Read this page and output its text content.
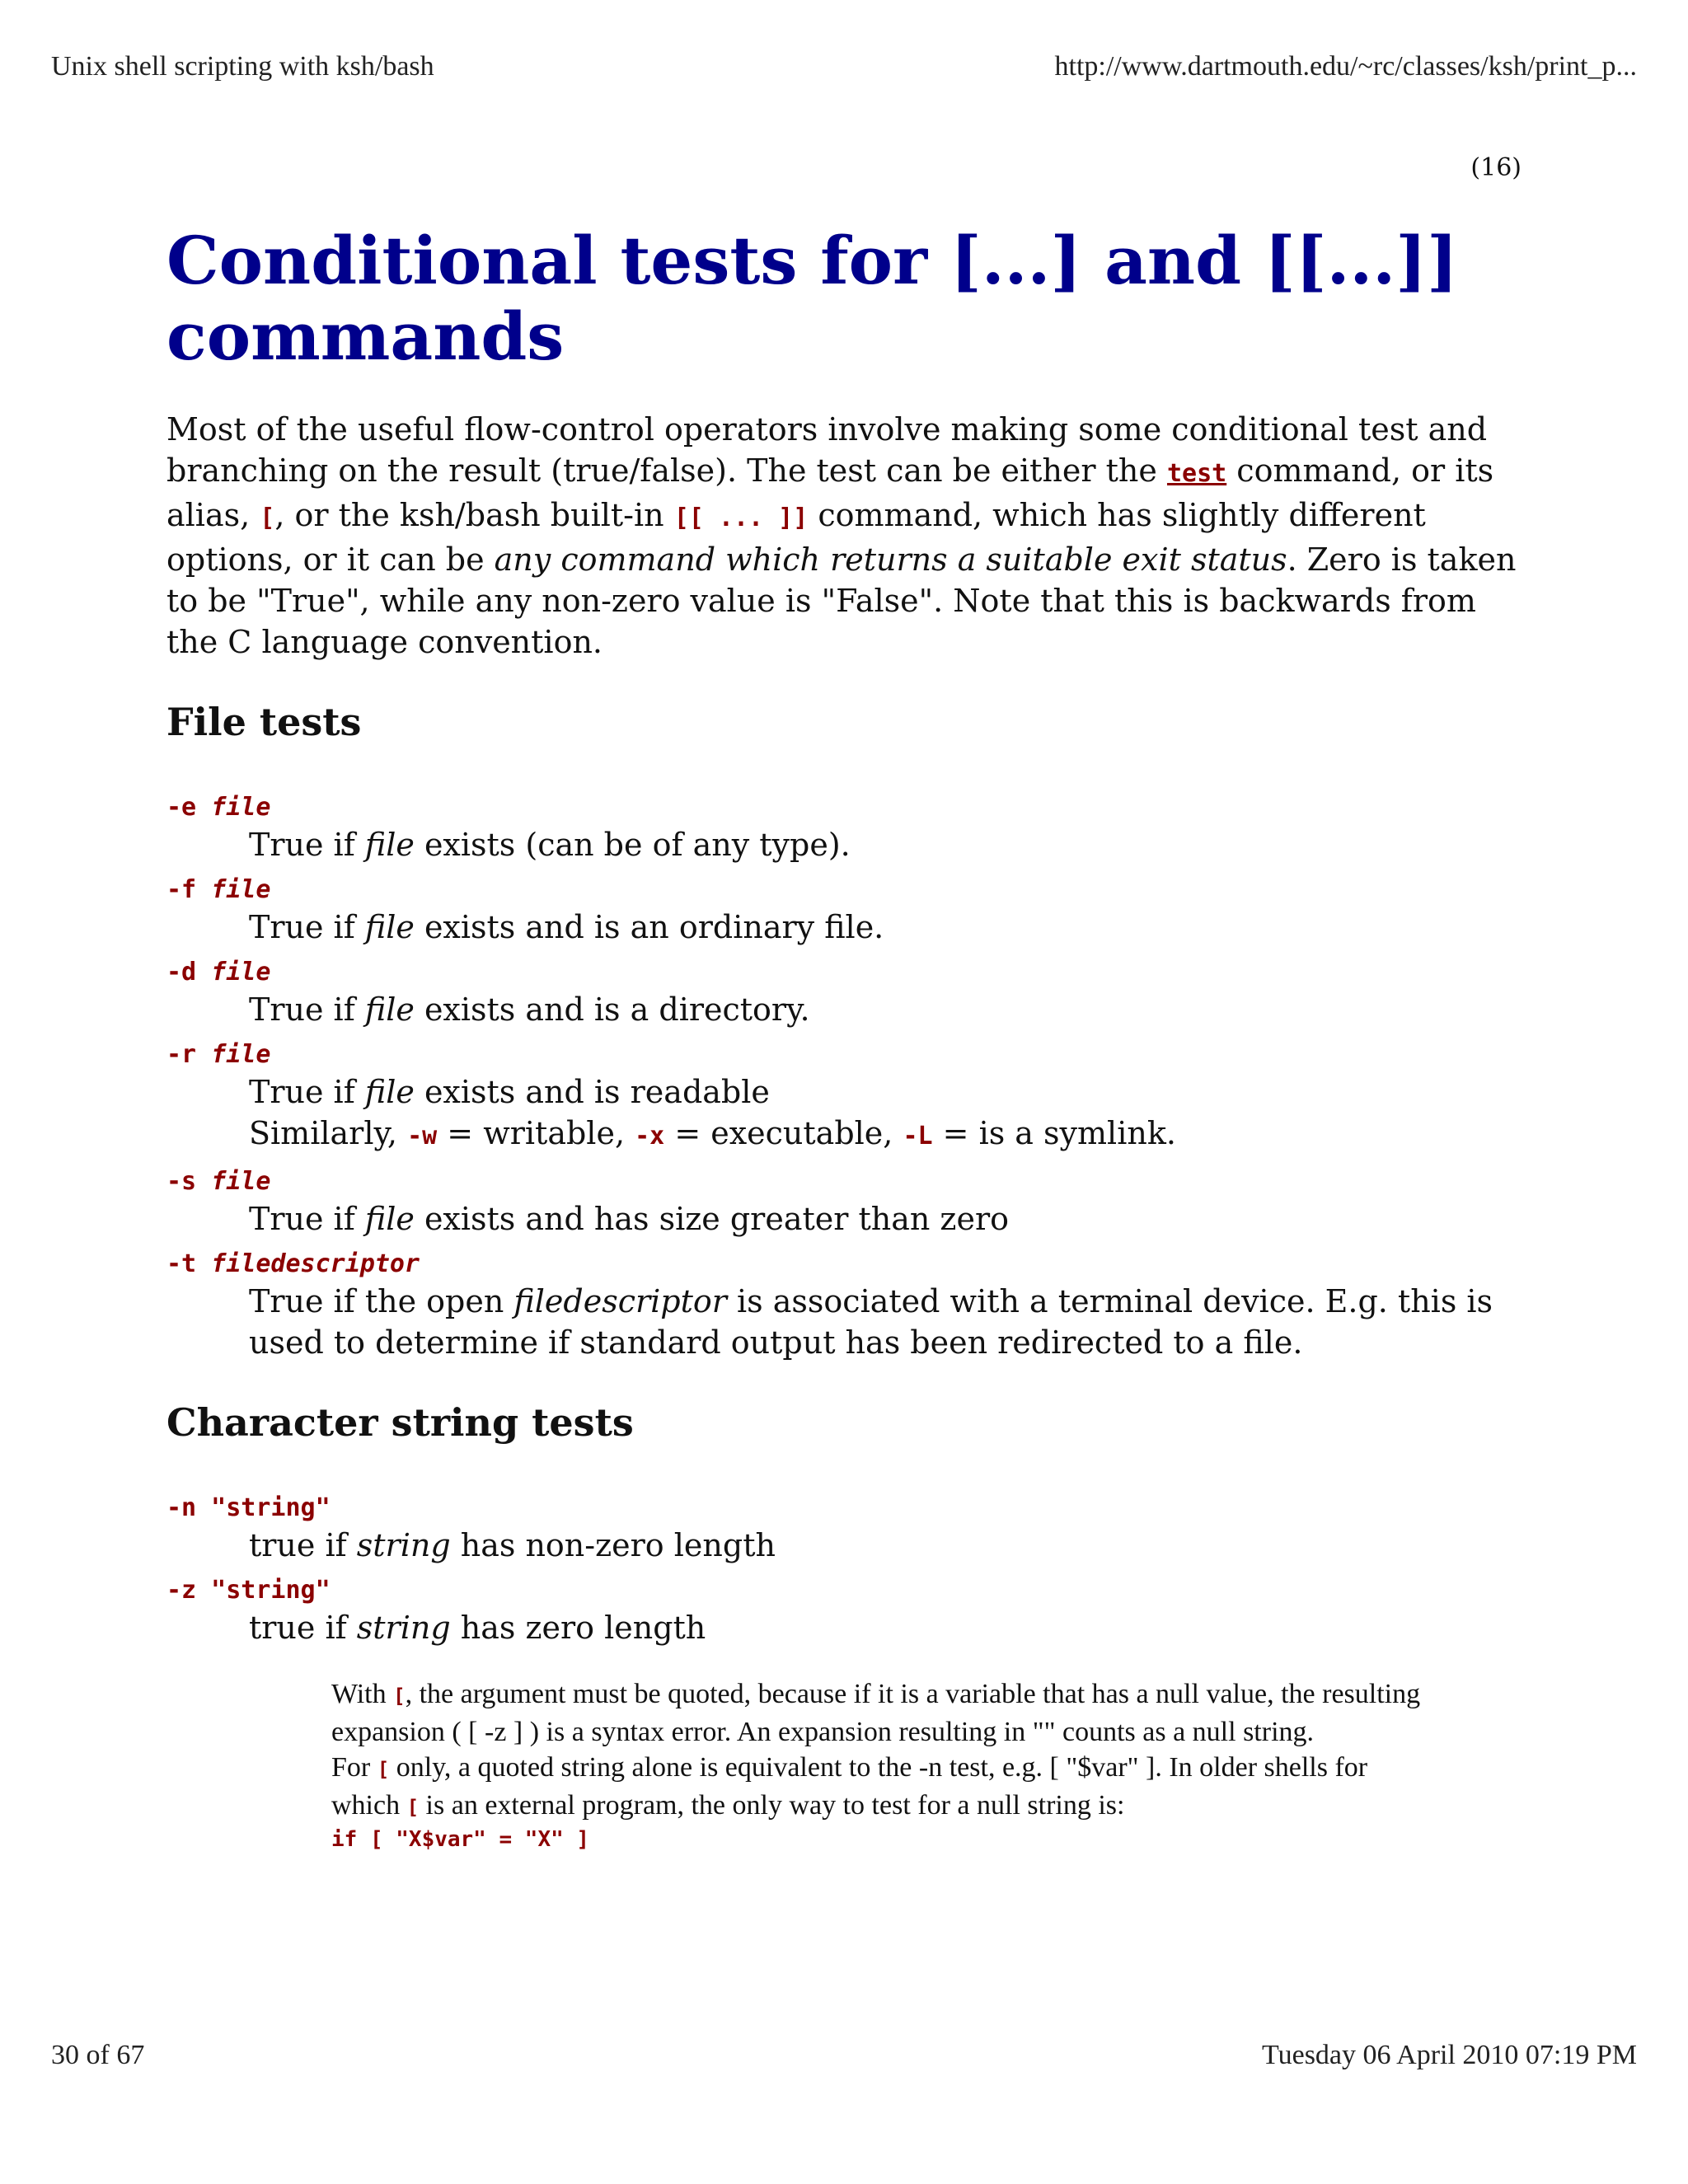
Unix shell scripting with ksh/bash	http://www.dartmouth.edu/~rc/classes/ksh/print_p...
(16)
Conditional tests for [...] and [[...]] commands

Most of the useful flow-control operators involve making some conditional test and branching on the result (true/false). The test can be either the test command, or its alias, [, or the ksh/bash built-in [[ ... ]] command, which has slightly different options, or it can be any command which returns a suitable exit status. Zero is taken to be "True", while any non-zero value is "False". Note that this is backwards from the C language convention.

File tests
-e file
True if file exists (can be of any type).
-f file
True if file exists and is an ordinary file.
-d file
True if file exists and is a directory.
-r file
True if file exists and is readable
Similarly, -w = writable, -x = executable, -L = is a symlink.
-s file
True if file exists and has size greater than zero
-t filedescriptor
True if the open filedescriptor is associated with a terminal device. E.g. this is used to determine if standard output has been redirected to a file.
Character string tests
-n "string"
true if string has non-zero length
-z "string"
true if string has zero length
With [, the argument must be quoted, because if it is a variable that has a null value, the resulting expansion ( [ -z ] ) is a syntax error. An expansion resulting in "" counts as a null string.
For [ only, a quoted string alone is equivalent to the -n test, e.g. [ "$var" ]. In older shells for which [ is an external program, the only way to test for a null string is:
if [ "X$var" = "X" ]
30 of 67	Tuesday 06 April 2010 07:19 PM
